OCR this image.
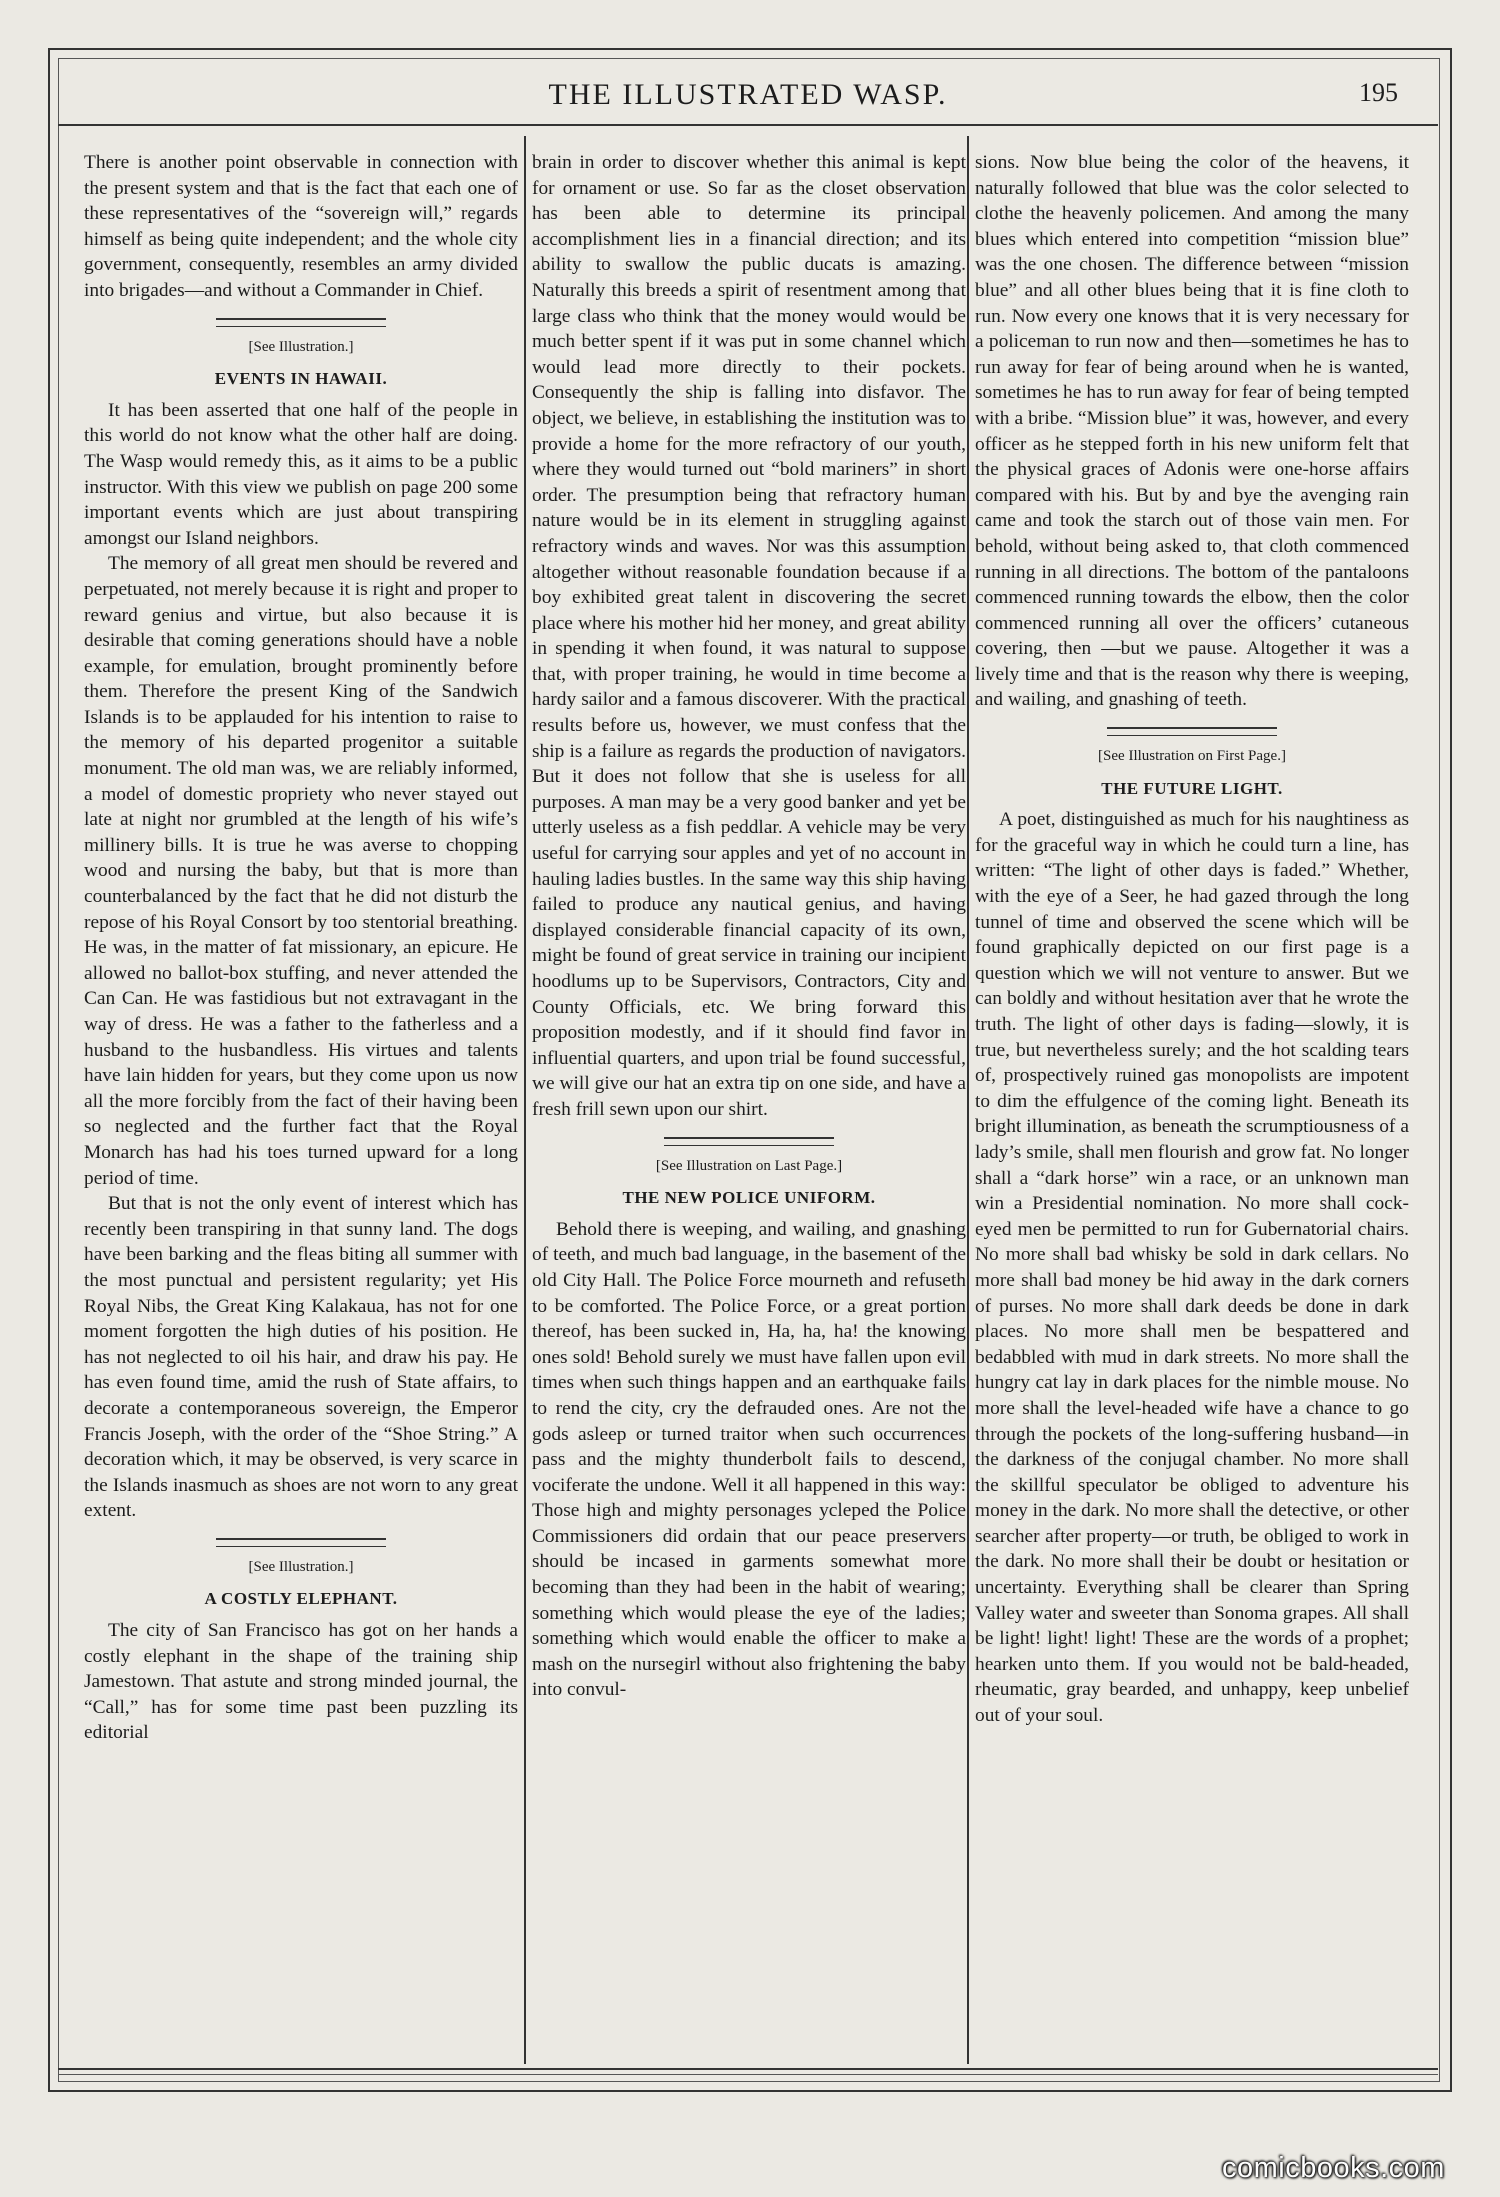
THE ILLUSTRATED WASP.	195

There is another point observable in connection with the present system and that is the fact that each one of these representatives of the “sovereign will,” regards himself as being quite independent; and the whole city government, consequently, resembles an army divided into brigades—and without a Commander in Chief.

[See Illustration.]
EVENTS IN HAWAII.

It has been asserted that one half of the people in this world do not know what the other half are doing. The Wasp would remedy this, as it aims to be a public instructor. With this view we publish on page 200 some important events which are just about transpiring amongst our Island neighbors.

The memory of all great men should be revered and perpetuated, not merely because it is right and proper to reward genius and virtue, but also because it is desirable that coming generations should have a noble example, for emulation, brought prominently before them. Therefore the present King of the Sandwich Islands is to be applauded for his intention to raise to the memory of his departed progenitor a suitable monument. The old man was, we are reliably informed, a model of domestic propriety who never stayed out late at night nor grumbled at the length of his wife’s millinery bills. It is true he was averse to chopping wood and nursing the baby, but that is more than counterbalanced by the fact that he did not disturb the repose of his Royal Consort by too stentorial breathing. He was, in the matter of fat missionary, an epicure. He allowed no ballot-box stuffing, and never attended the Can Can. He was fastidious but not extravagant in the way of dress. He was a father to the fatherless and a husband to the husbandless. His virtues and talents have lain hidden for years, but they come upon us now all the more forcibly from the fact of their having been so neglected and the further fact that the Royal Monarch has had his toes turned upward for a long period of time.

But that is not the only event of interest which has recently been transpiring in that sunny land. The dogs have been barking and the fleas biting all summer with the most punctual and persistent regularity; yet His Royal Nibs, the Great King Kalakaua, has not for one moment forgotten the high duties of his position. He has not neglected to oil his hair, and draw his pay. He has even found time, amid the rush of State affairs, to decorate a contemporaneous sovereign, the Emperor Francis Joseph, with the order of the “Shoe String.” A decoration which, it may be observed, is very scarce in the Islands inasmuch as shoes are not worn to any great extent.

[See Illustration.]
A COSTLY ELEPHANT.

The city of San Francisco has got on her hands a costly elephant in the shape of the training ship Jamestown. That astute and strong minded journal, the “Call,” has for some time past been puzzling its editorial

brain in order to discover whether this animal is kept for ornament or use. So far as the closet observation has been able to determine its principal accomplishment lies in a financial direction; and its ability to swallow the public ducats is amazing. Naturally this breeds a spirit of resentment among that large class who think that the money would would be much better spent if it was put in some channel which would lead more directly to their pockets. Consequently the ship is falling into disfavor. The object, we believe, in establishing the institution was to provide a home for the more refractory of our youth, where they would turned out “bold mariners” in short order. The presumption being that refractory human nature would be in its element in struggling against refractory winds and waves. Nor was this assumption altogether without reasonable foundation because if a boy exhibited great talent in discovering the secret place where his mother hid her money, and great ability in spending it when found, it was natural to suppose that, with proper training, he would in time become a hardy sailor and a famous discoverer. With the practical results before us, however, we must confess that the ship is a failure as regards the production of navigators. But it does not follow that she is useless for all purposes. A man may be a very good banker and yet be utterly useless as a fish peddlar. A vehicle may be very useful for carrying sour apples and yet of no account in hauling ladies bustles. In the same way this ship having failed to produce any nautical genius, and having displayed considerable financial capacity of its own, might be found of great service in training our incipient hoodlums up to be Supervisors, Contractors, City and County Officials, etc. We bring forward this proposition modestly, and if it should find favor in influential quarters, and upon trial be found successful, we will give our hat an extra tip on one side, and have a fresh frill sewn upon our shirt.

[See Illustration on Last Page.]
THE NEW POLICE UNIFORM.

Behold there is weeping, and wailing, and gnashing of teeth, and much bad language, in the basement of the old City Hall. The Police Force mourneth and refuseth to be comforted. The Police Force, or a great portion thereof, has been sucked in, Ha, ha, ha! the knowing ones sold! Behold surely we must have fallen upon evil times when such things happen and an earthquake fails to rend the city, cry the defrauded ones. Are not the gods asleep or turned traitor when such occurrences pass and the mighty thunderbolt fails to descend, vociferate the undone. Well it all happened in this way: Those high and mighty personages ycleped the Police Commissioners did ordain that our peace preservers should be incased in garments somewhat more becoming than they had been in the habit of wearing; something which would please the eye of the ladies; something which would enable the officer to make a mash on the nursegirl without also frightening the baby into convul-

sions. Now blue being the color of the heavens, it naturally followed that blue was the color selected to clothe the heavenly policemen. And among the many blues which entered into competition “mission blue” was the one chosen. The difference between “mission blue” and all other blues being that it is fine cloth to run. Now every one knows that it is very necessary for a policeman to run now and then—sometimes he has to run away for fear of being around when he is wanted, sometimes he has to run away for fear of being tempted with a bribe. “Mission blue” it was, however, and every officer as he stepped forth in his new uniform felt that the physical graces of Adonis were one-horse affairs compared with his. But by and bye the avenging rain came and took the starch out of those vain men. For behold, without being asked to, that cloth commenced running in all directions. The bottom of the pantaloons commenced running towards the elbow, then the color commenced running all over the officers’ cutaneous covering, then —but we pause. Altogether it was a lively time and that is the reason why there is weeping, and wailing, and gnashing of teeth.

[See Illustration on First Page.]
THE FUTURE LIGHT.

A poet, distinguished as much for his naughtiness as for the graceful way in which he could turn a line, has written: “The light of other days is faded.” Whether, with the eye of a Seer, he had gazed through the long tunnel of time and observed the scene which will be found graphically depicted on our first page is a question which we will not venture to answer. But we can boldly and without hesitation aver that he wrote the truth. The light of other days is fading—slowly, it is true, but nevertheless surely; and the hot scalding tears of, prospectively ruined gas monopolists are impotent to dim the effulgence of the coming light. Beneath its bright illumination, as beneath the scrumptiousness of a lady’s smile, shall men flourish and grow fat. No longer shall a “dark horse” win a race, or an unknown man win a Presidential nomination. No more shall cock-eyed men be permitted to run for Gubernatorial chairs. No more shall bad whisky be sold in dark cellars. No more shall bad money be hid away in the dark corners of purses. No more shall dark deeds be done in dark places. No more shall men be bespattered and bedabbled with mud in dark streets. No more shall the hungry cat lay in dark places for the nimble mouse. No more shall the level-headed wife have a chance to go through the pockets of the long-suffering husband—in the darkness of the conjugal chamber. No more shall the skillful speculator be obliged to adventure his money in the dark. No more shall the detective, or other searcher after property—or truth, be obliged to work in the dark. No more shall their be doubt or hesitation or uncertainty. Everything shall be clearer than Spring Valley water and sweeter than Sonoma grapes. All shall be light! light! light! These are the words of a prophet; hearken unto them. If you would not be bald-headed, rheumatic, gray bearded, and unhappy, keep unbelief out of your soul.

comicbooks.com
